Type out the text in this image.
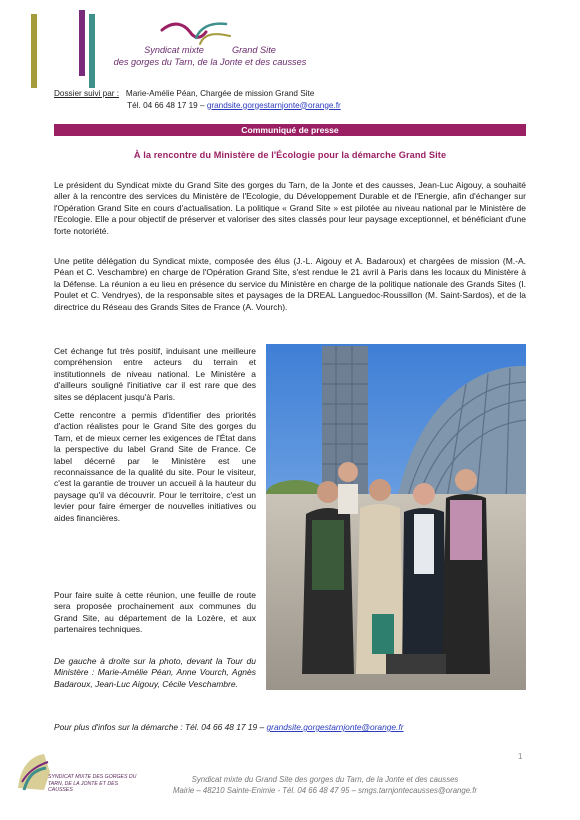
Syndicat mixte	Grand Site
des gorges du Tarn, de la Jonte et des causses
Dossier suivi par : Marie-Amélie Péan, Chargée de mission Grand Site
Tél. 04 66 48 17 19 – grandsite.gorgestarnjonte@orange.fr
Communiqué de presse
À la rencontre du Ministère de l'Écologie pour la démarche Grand Site
Le président du Syndicat mixte du Grand Site des gorges du Tarn, de la Jonte et des causses, Jean-Luc Aigouy, a souhaité aller à la rencontre des services du Ministère de l'Ecologie, du Développement Durable et de l'Energie, afin d'échanger sur l'Opération Grand Site en cours d'actualisation. La politique « Grand Site » est pilotée au niveau national par le Ministère de l'Ecologie. Elle a pour objectif de préserver et valoriser des sites classés pour leur paysage exceptionnel, et bénéficiant d'une forte notoriété.
Une petite délégation du Syndicat mixte, composée des élus (J.-L. Aigouy et A. Badaroux) et chargées de mission (M.-A. Péan et C. Veschambre) en charge de l'Opération Grand Site, s'est rendue le 21 avril à Paris dans les locaux du Ministère à la Défense. La réunion a eu lieu en présence du service du Ministère en charge de la politique nationale des Grands Sites (I. Poulet et C. Vendryes), de la responsable sites et paysages de la DREAL Languedoc-Roussillon (M. Saint-Sardos), et de la directrice du Réseau des Grands Sites de France (A. Vourch).
Cet échange fut très positif, induisant une meilleure compréhension entre acteurs du terrain et institutionnels de niveau national. Le Ministère a d'ailleurs souligné l'initiative car il est rare que des sites se déplacent jusqu'à Paris.
Cette rencontre a permis d'identifier des priorités d'action réalistes pour le Grand Site des gorges du Tarn, et de mieux cerner les exigences de l'État dans la perspective du label Grand Site de France. Ce label décerné par le Ministère est une reconnaissance de la qualité du site. Pour le visiteur, c'est la garantie de trouver un accueil à la hauteur du paysage qu'il va découvrir. Pour le territoire, c'est un levier pour faire émerger de nouvelles initiatives ou aides financières.
Pour faire suite à cette réunion, une feuille de route sera proposée prochainement aux communes du Grand Site, au département de la Lozère, et aux partenaires techniques.
De gauche à droite sur la photo, devant la Tour du Ministère : Marie-Amélie Péan, Anne Vourch, Agnès Badaroux, Jean-Luc Aigouy, Cécile Veschambre.
Pour plus d'infos sur la démarche : Tél. 04 66 48 17 19 – grandsite.gorgestarnjonte@orange.fr
1
SYNDICAT MIXTE DES GORGES DU TARN, DE LA JONTE ET DES CAUSSES
Syndicat mixte du Grand Site des gorges du Tarn, de la Jonte et des causses
Mairie – 48210 Sainte-Enimie - Tél. 04 66 48 47 95 – smgs.tarnjontecausses@orange.fr
